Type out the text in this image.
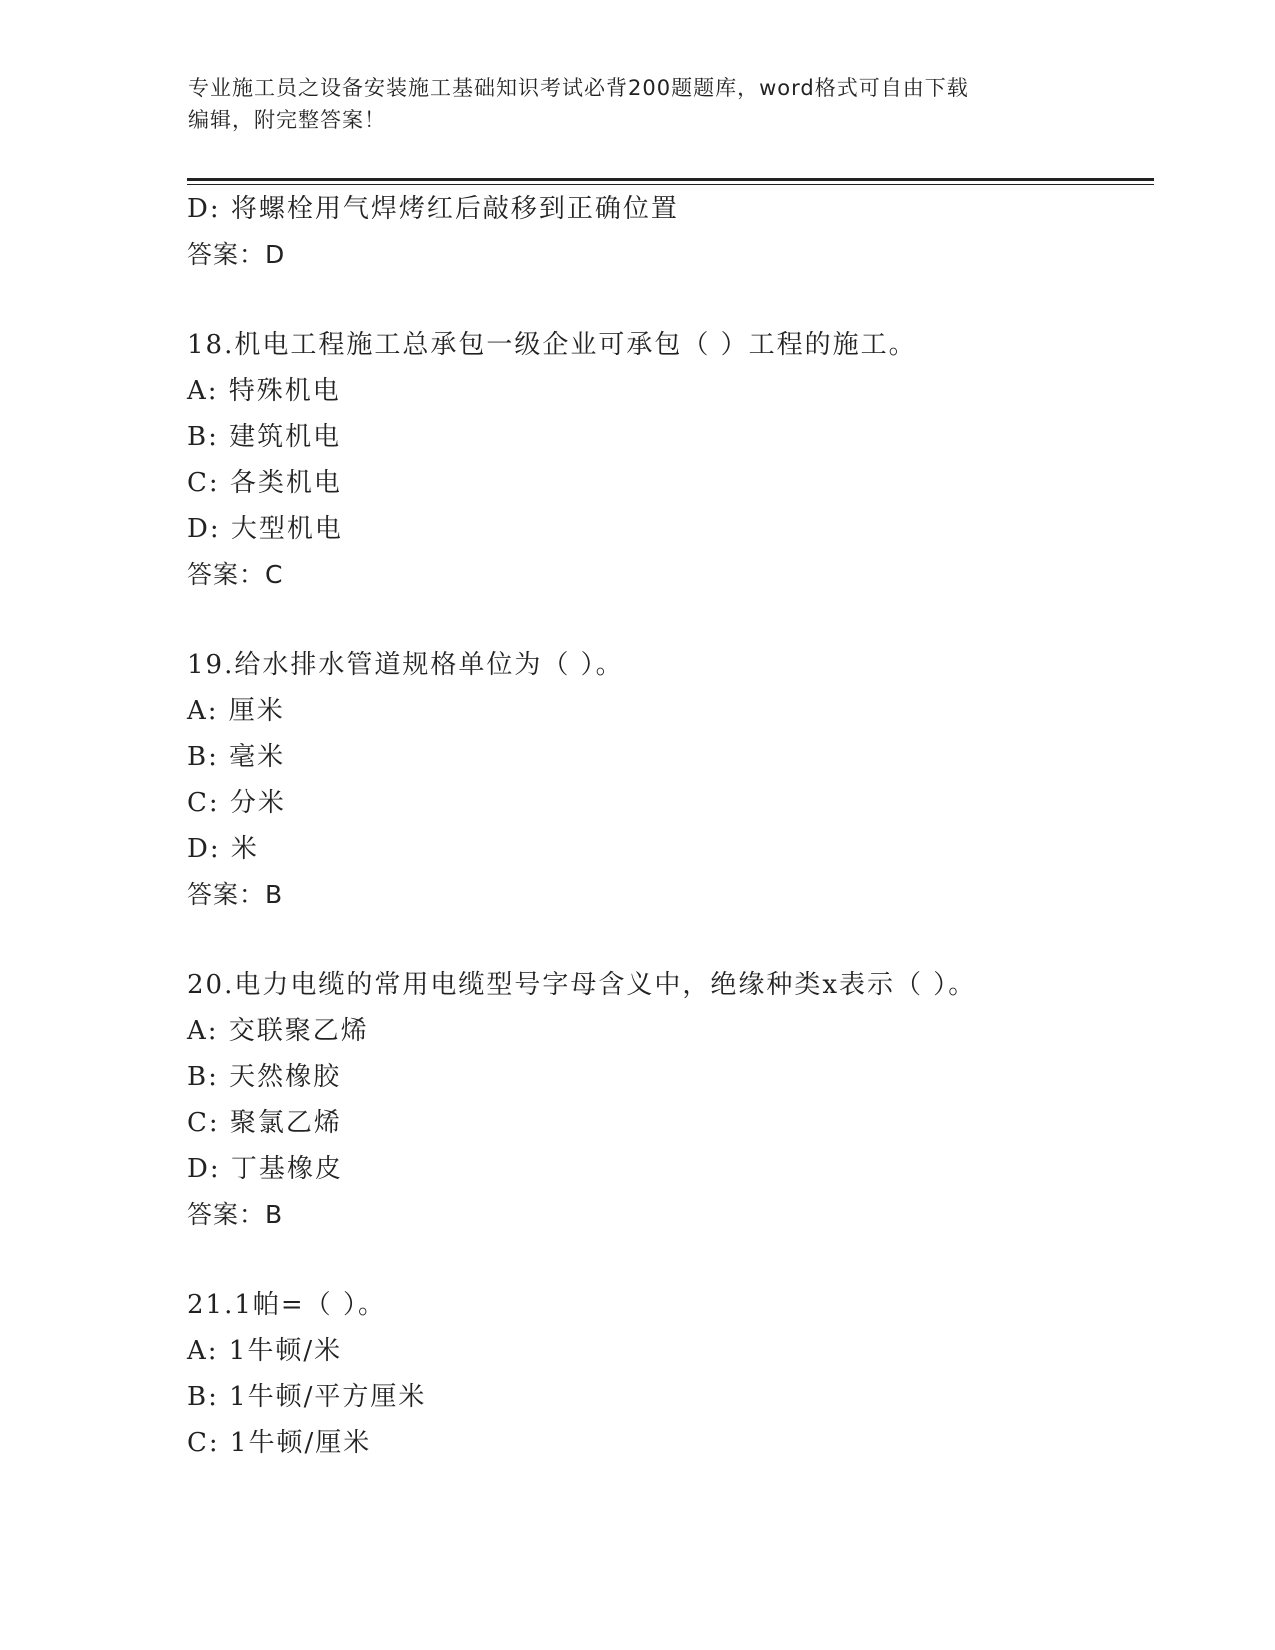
专业施工员之设备安装施工基础知识考试必背200题题库，word格式可自由下载
编辑，附完整答案！
D: 将螺栓用气焊烤红后敲移到正确位置
答案：D
18.机电工程施工总承包一级企业可承包（ ）工程的施工。
A: 特殊机电
B: 建筑机电
C: 各类机电
D: 大型机电
答案：C
19.给水排水管道规格单位为（ ）。
A: 厘米
B: 毫米
C: 分米
D: 米
答案：B
20.电力电缆的常用电缆型号字母含义中，绝缘种类x表示（ ）。
A: 交联聚乙烯
B: 天然橡胶
C: 聚氯乙烯
D: 丁基橡皮
答案：B
21.1帕=（ ）。
A: 1牛顿/米
B: 1牛顿/平方厘米
C: 1牛顿/厘米
